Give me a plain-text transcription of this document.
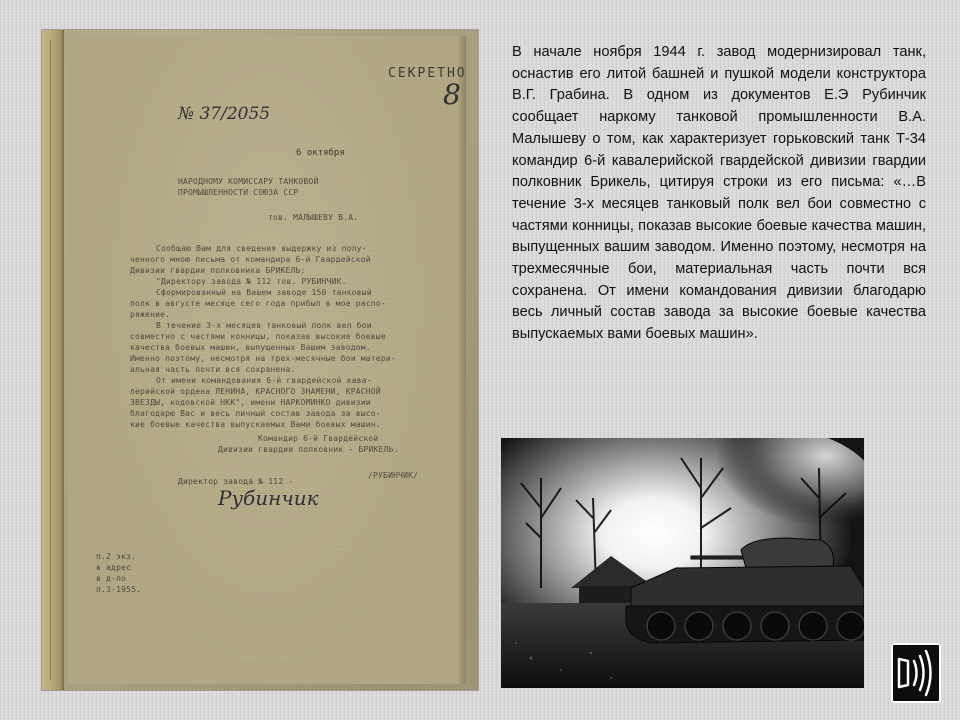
СЕКРЕТНО
8
№ 37/2055
6 октября
НАРОДНОМУ КОМИССАРУ ТАНКОВОЙ
ПРОМЫШЛЕННОСТИ СОЮЗА ССР
тов. МАЛЫШЕВУ В.А.
Сообщаю Вам для сведения выдержку из полу-
ченного мною письма от командира 6-й Гвардейской
Дивизии гвардии полковника БРИКЕЛЬ:
"Директору завода № 112 тов. РУБИНЧИК.
Сформированный на Вашем заводе 150 танковый
полк в августе месяце сего года прибыл в мое распо-
ряжение.
В течение 3-х месяцев танковый полк вел бои
совместно с частями конницы, показав высокие боевые
качества боевых машин, выпущенных Вашим заводом.
Именно поэтому, несмотря на трех-месячные бои матери-
альная часть почти вся сохранена.
От имени командования 6-й гвардейской кава-
лерийской ордена ЛЕНИНА, КРАСНОГО ЗНАМЕНИ, КРАСНОЙ
ЗВЕЗДЫ, кодовской НКК", имени НАРКОМИНКО дивизии
благодарю Вас и весь личный состав завода за высо-
кие боевые качества выпускаемых Вами боевых машин.
Командир 6-й Гвардейской
Дивизии гвардии полковник - БРИКЕЛЬ.
Директор завода № 112 -
/РУБИНЧИК/
Рубинчик
п.2 экз.
в адрес
в д-ло
п.3-1955.
В начале ноября 1944 г. завод модернизировал танк, оснастив его литой башней и пушкой модели конструктора В.Г. Грабина. В одном из документов Е.Э Рубинчик сообщает наркому танковой промышленности В.А. Малышеву о том, как характеризует горьковский танк Т-34 командир 6-й кавалерийской гвардейской дивизии гвардии полковник Брикель, цитируя строки из его письма: «…В течение 3-х месяцев танковый полк вел бои совместно с частями конницы, показав высокие боевые качества машин, выпущенных вашим заводом. Именно поэтому, несмотря на трехмесячные бои, материальная часть почти вся сохранена. От имени командования дивизии благодарю весь личный состав завода за высокие боевые качества выпускаемых вами боевых машин».
